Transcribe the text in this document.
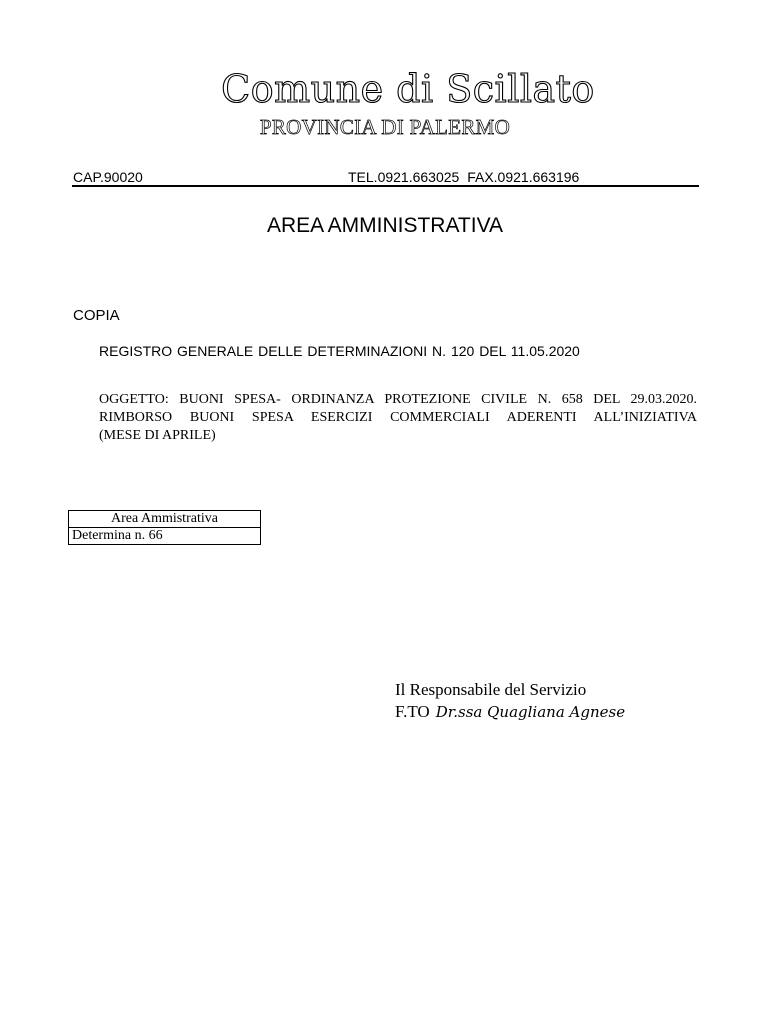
Comune di Scillato
PROVINCIA DI PALERMO
CAP.90020	TEL.0921.663025 FAX.0921.663196
AREA AMMINISTRATIVA
COPIA
REGISTRO GENERALE DELLE DETERMINAZIONI N. 120 DEL 11.05.2020
OGGETTO: BUONI SPESA- ORDINANZA PROTEZIONE CIVILE N. 658 DEL 29.03.2020.
RIMBORSO BUONI SPESA ESERCIZI COMMERCIALI ADERENTI ALL’INIZIATIVA
(MESE DI APRILE)
Area Ammistrativa
Determina n. 66
Il Responsabile del Servizio
F.TO Dr.ssa Quagliana Agnese
